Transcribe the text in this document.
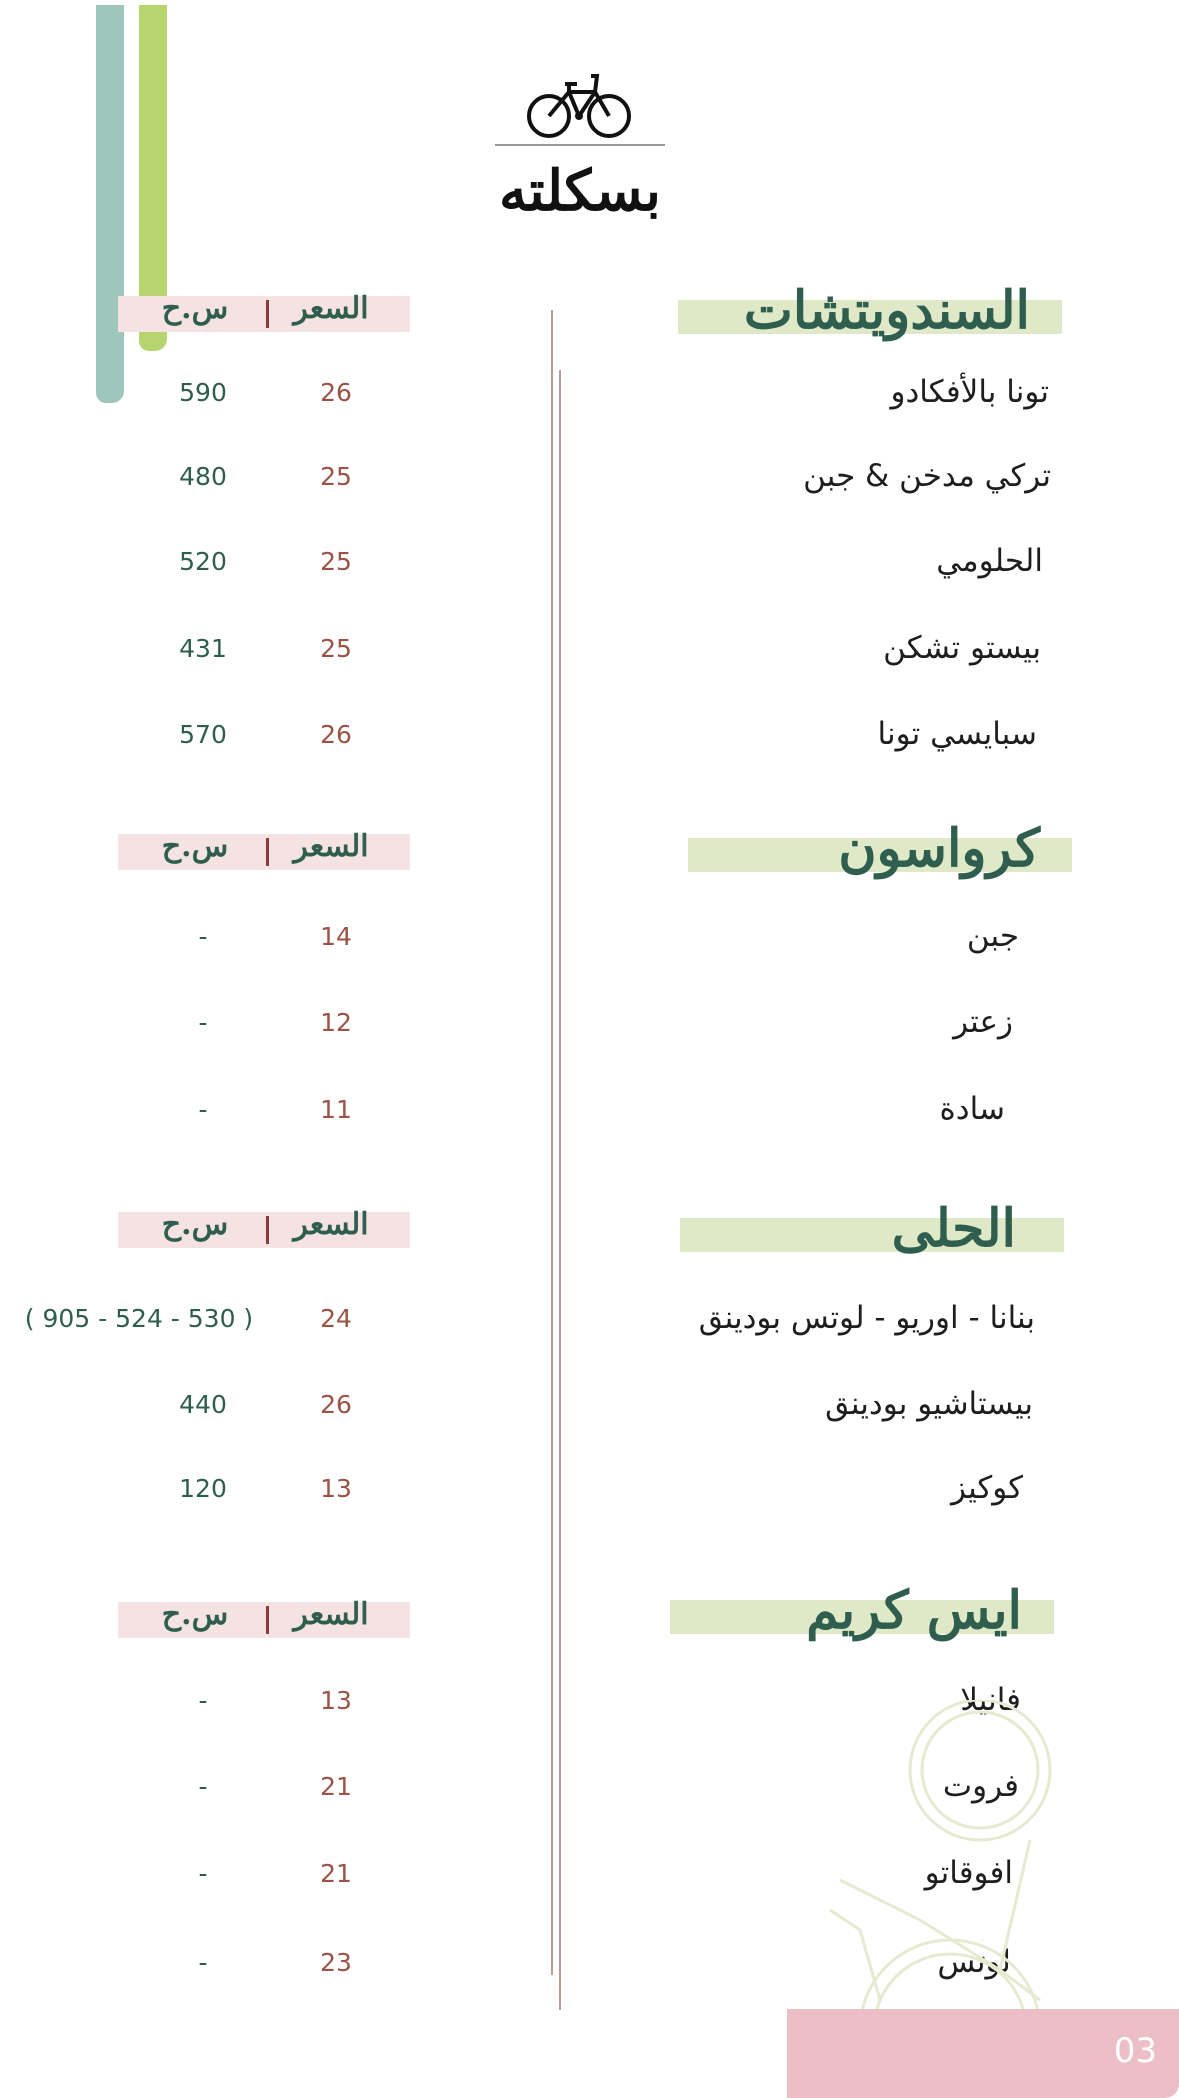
بسكلته
السندويتشات
السعر
س.ح
تونا بالأفكادو
26
590
تركي مدخن & جبن
25
480
الحلومي
25
520
بيستو تشكن
25
431
سبايسي تونا
26
570
كرواسون
السعر
س.ح
جبن
14
-
زعتر
12
-
سادة
11
-
الحلى
السعر
س.ح
بنانا - اوريو - لوتس بودينق
24
( 905 - 524 - 530 )
بيستاشيو بودينق
26
440
كوكيز
13
120
ايس كريم
السعر
س.ح
فانيلا
13
-
فروت
21
-
افوقاتو
21
-
لوتس
23
-
03
